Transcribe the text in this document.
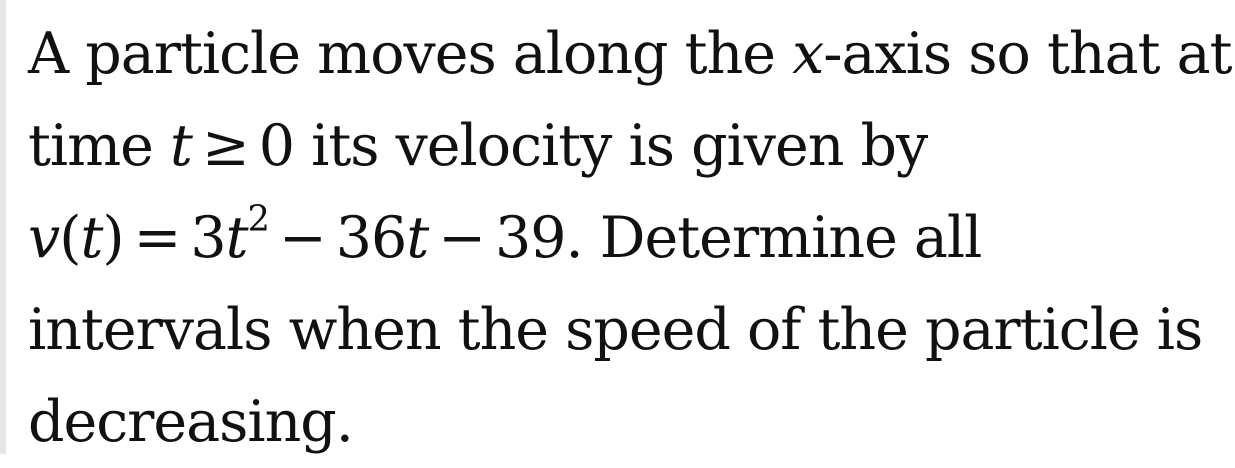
A particle moves along the x-axis so that at
time t ≥ 0 its velocity is given by
$v(t) = 3t^2 - 36t - 39$. Determine all
intervals when the speed of the particle is
decreasing.
